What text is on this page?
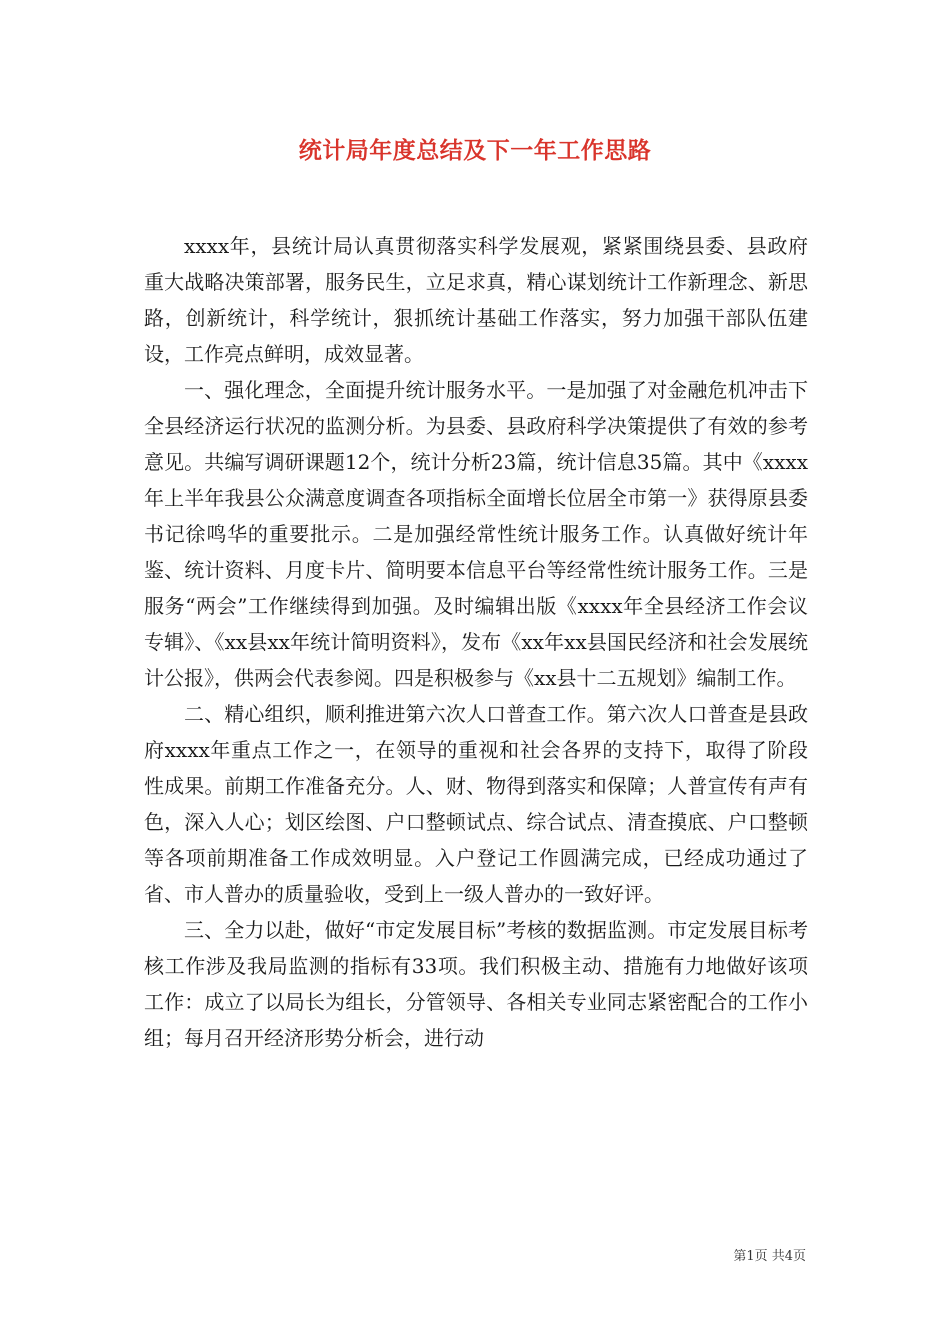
统计局年度总结及下一年工作思路

xxxx年，县统计局认真贯彻落实科学发展观，紧紧围绕县委、县政府重大战略决策部署，服务民生，立足求真，精心谋划统计工作新理念、新思路，创新统计，科学统计，狠抓统计基础工作落实，努力加强干部队伍建设，工作亮点鲜明，成效显著。

一、强化理念，全面提升统计服务水平。一是加强了对金融危机冲击下全县经济运行状况的监测分析。为县委、县政府科学决策提供了有效的参考意见。共编写调研课题12个，统计分析23篇，统计信息35篇。其中《xxxx年上半年我县公众满意度调查各项指标全面增长位居全市第一》获得原县委书记徐鸣华的重要批示。二是加强经常性统计服务工作。认真做好统计年鉴、统计资料、月度卡片、简明要本信息平台等经常性统计服务工作。三是服务“两会”工作继续得到加强。及时编辑出版《xxxx年全县经济工作会议专辑》、《xx县xx年统计简明资料》，发布《xx年xx县国民经济和社会发展统计公报》，供两会代表参阅。四是积极参与《xx县十二五规划》编制工作。

二、精心组织，顺利推进第六次人口普查工作。第六次人口普查是县政府xxxx年重点工作之一，在领导的重视和社会各界的支持下，取得了阶段性成果。前期工作准备充分。人、财、物得到落实和保障；人普宣传有声有色，深入人心；划区绘图、户口整顿试点、综合试点、清查摸底、户口整顿等各项前期准备工作成效明显。入户登记工作圆满完成，已经成功通过了省、市人普办的质量验收，受到上一级人普办的一致好评。

三、全力以赴，做好“市定发展目标”考核的数据监测。市定发展目标考核工作涉及我局监测的指标有33项。我们积极主动、措施有力地做好该项工作：成立了以局长为组长，分管领导、各相关专业同志紧密配合的工作小组；每月召开经济形势分析会，进行动

第1页 共4页
